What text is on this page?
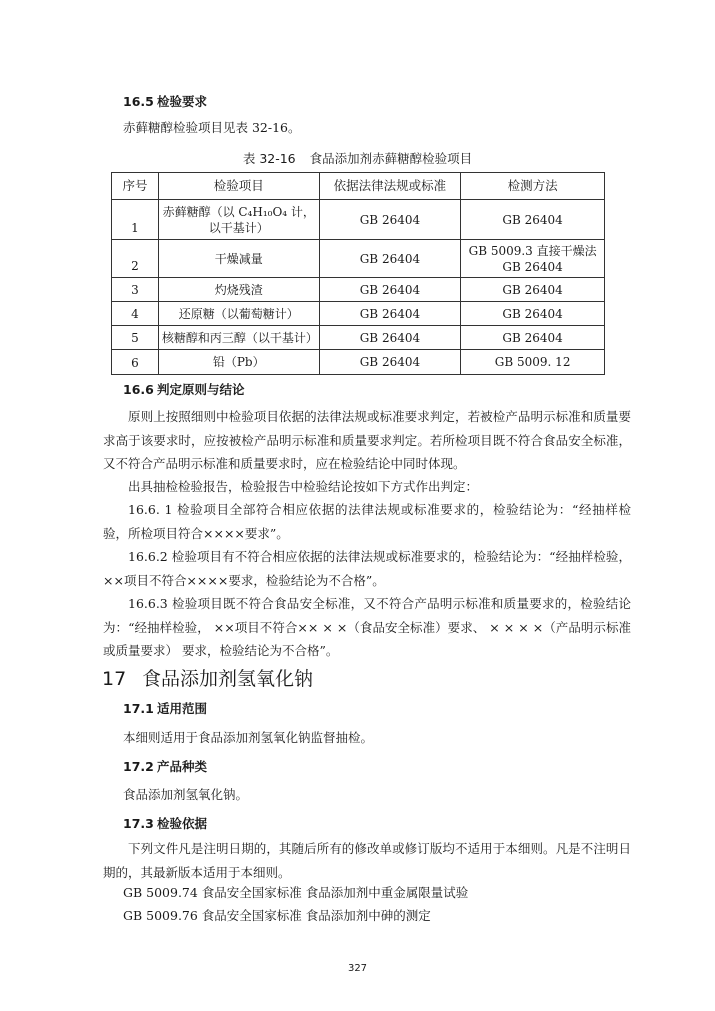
16.5 检验要求
赤藓糖醇检验项目见表 32-16。
表 32-16 食品添加剂赤藓糖醇检验项目
序号	检验项目	依据法律法规或标准	检测方法
1	赤藓糖醇（以 C₄H₁₀O₄ 计，
以干基计）	GB 26404	GB 26404
2	干燥减量	GB 26404	GB 5009.3 直接干燥法
GB 26404

3	灼烧残渣	GB 26404	GB 26404
4	还原糖（以葡萄糖计）	GB 26404	GB 26404
5	核糖醇和丙三醇（以干基计）	GB 26404	GB 26404
6	铅（Pb）	GB 26404	GB 5009. 12
16.6 判定原则与结论

原则上按照细则中检验项目依据的法律法规或标准要求判定，若被检产品明示标准和质量要求高于该要求时，应按被检产品明示标准和质量要求判定。若所检项目既不符合食品安全标准，又不符合产品明示标准和质量要求时，应在检验结论中同时体现。

出具抽检检验报告，检验报告中检验结论按如下方式作出判定：

16.6. 1 检验项目全部符合相应依据的法律法规或标准要求的，检验结论为：“经抽样检验，所检项目符合××××要求”。

16.6.2 检验项目有不符合相应依据的法律法规或标准要求的，检验结论为：“经抽样检验，××项目不符合××××要求，检验结论为不合格”。

16.6.3 检验项目既不符合食品安全标准，又不符合产品明示标准和质量要求的，检验结论为：“经抽样检验， ××项目不符合×× × ×（食品安全标准）要求、 × × × ×（产品明示标准或质量要求） 要求，检验结论为不合格”。

17 食品添加剂氢氧化钠
17.1 适用范围
本细则适用于食品添加剂氢氧化钠监督抽检。
17.2 产品种类
食品添加剂氢氧化钠。
17.3 检验依据

下列文件凡是注明日期的，其随后所有的修改单或修订版均不适用于本细则。凡是不注明日期的，其最新版本适用于本细则。

GB 5009.74 食品安全国家标准 食品添加剂中重金属限量试验
GB 5009.76 食品安全国家标准 食品添加剂中砷的测定
327
